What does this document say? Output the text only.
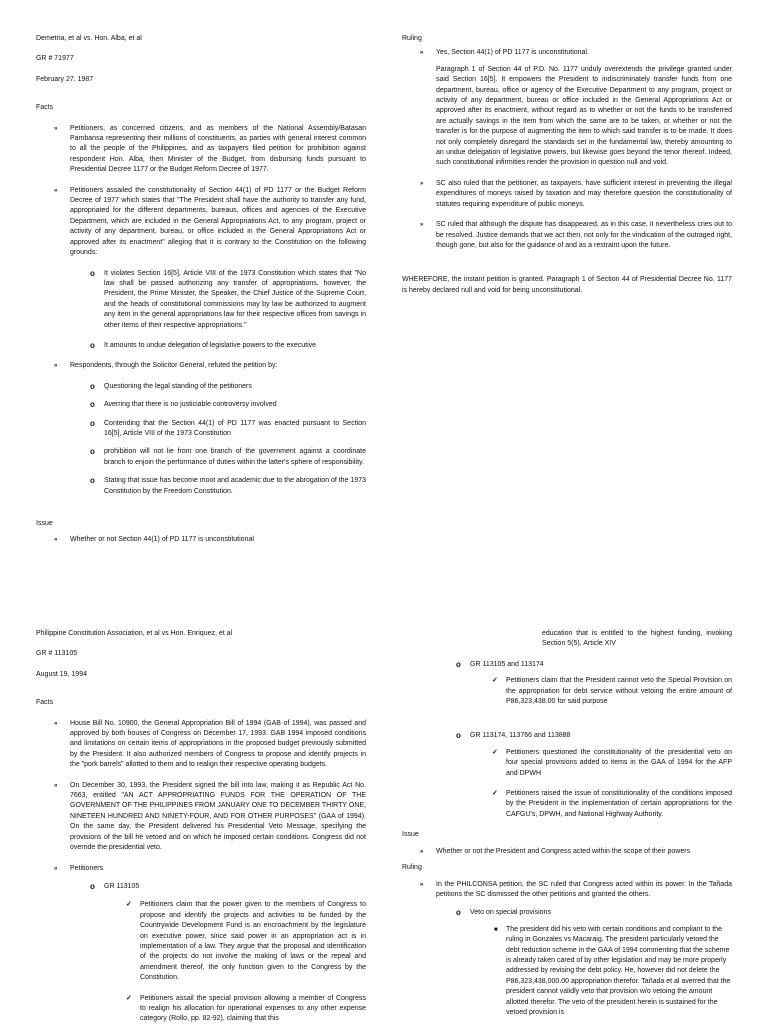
Demetria, et al vs. Hon. Alba, et al

GR # 71977

February 27. 1987

Facts

» Petitioners, as concerned citizens, and as members of the National Assembly/Batasan Pambansa representing their millions of constituents, as parties with general interest common to all the people of the Philippines, and as taxpayers filed petition for prohibition against respondent Hon. Alba, then Minister of the Budget, from disbursing funds pursuant to Presidential Decree 1177 or the Budget Reform Decree of 1977.
» Petitioners assailed the constitutionality of Section 44(1) of PD 1177 or the Budget Reform Decree of 1977 which states that "The President shall have the authority to transfer any fund, appropriated for the different departments, bureaus, offices and agencies of the Executive Department, which are included in the General Appropriations Act, to any program, project or activity of any department, bureau, or office included in the General Appropriations Act or approved after its enactment" alleging that it is contrary to the Constitution on the following grounds:
o It violates Section 16[5], Article VIII of the 1973 Constitution which states that "No law shall be passed authorizing any transfer of appropriations, however, the President, the Prime Minister, the Speaker, the Chief Justice of the Supreme Court, and the heads of constitutional commissions may by law be authorized to augment any item in the general appropriations law for their respective offices from savings in other items of their respective appropriations."
o It amounts to undue delegation of legislative powers to the executive
» Respondents, through the Solicitor General, refuted the petition by:
o Questioning the legal standing of the petitioners
o Averring that there is no justiciable controversy involved
o Contending that the Section 44(1) of PD 1177 was enacted pursuant to Section 16[5], Article VIII of the 1973 Constitution
o prohibition will not lie from one branch of the government against a coordinate branch to enjoin the performance of duties within the latter's sphere of responsibility.
o Stating that issue has become moot and academic due to the abrogation of the 1973 Constitution by the Freedom Constitution.

Issue

» Whether or not Section 44(1) of PD 1177 is unconstitutional

Ruling

» Yes, Section 44(1) of PD 1177 is unconstitutional.

Paragraph 1 of Section 44 of P.D. No. 1177 unduly overextends the privilege granted under said Section 16[5]. It empowers the President to indiscriminately transfer funds from one department, bureau, office or agency of the Executive Department to any program, project or activity of any department, bureau or office included in the General Appropriations Act or approved after its enactment, without regard as to whether or not the funds to be transferred are actually savings in the item from which the same are to be taken, or whether or not the transfer is for the purpose of augmenting the item to which said transfer is to be made. It does not only completely disregard the standards set in the fundamental law, thereby amounting to an undue delegation of legislative powers, but likewise goes beyond the tenor thereof. Indeed, such constitutional infirmities render the provision in question null and void.

» SC also ruled that the petitioner, as taxpayers, have sufficient interest in preventing the illegal expenditures of moneys raised by taxation and may therefore question the constitutionality of statutes requiring expenditure of public moneys.
» SC ruled that although the dispute has disappeared, as in this case, it nevertheless cries out to be resolved. Justice demands that we act then, not only for the vindication of the outraged right, though gone, but also for the guidance of and as a restraint upon the future.

WHEREFORE, the instant petition is granted. Paragraph 1 of Section 44 of Presidential Decree No. 1177 is hereby declared null and void for being unconstitutional.

Philippine Constitution Association, et al vs Hon. Enriquez, et al

GR # 113105

August 19, 1994

Facts

» House Bill No. 10900, the General Appropriation Bill of 1994 (GAB of 1994), was passed and approved by both houses of Congress on December 17, 1993. GAB 1994 imposed conditions and limitations on certain items of appropriations in the proposed budget previously submitted by the President. It also authorized members of Congress to propose and identify projects in the "pork barrels" allotted to them and to realign their respective operating budgets.
» On December 30, 1993, the President signed the bill into law, making it as Republic Act No. 7663, entitled "AN ACT APPROPRIATING FUNDS FOR THE OPERATION OF THE GOVERNMENT OF THE PHILIPPINES FROM JANUARY ONE TO DECEMBER THIRTY ONE, NINETEEN HUNDRED AND NINETY-FOUR, AND FOR OTHER PURPOSES" (GAA of 1994). On the same day, the President delivered his Presidential Veto Message, specifying the provisions of the bill he vetoed and on which he imposed certain conditions. Congress did not override the presidential veto.
» Petitioners
o GR 113105
✓ Petitioners claim that the power given to the members of Congress to propose and identify the projects and activities to be funded by the Countrywide Development Fund is an encroachment by the legislature on executive power, since said power in an appropriation act is in implementation of a law. They argue that the proposal and identification of the projects do not involve the making of laws or the repeal and amendment thereof, the only function given to the Congress by the Constitution.
✓ Petitioners assail the special provision allowing a member of Congress to realign his allocation for operational expenses to any other expense category (Rollo, pp. 82-92), claiming that this

education that is entitled to the highest funding, invoking Section 5(5), Article XIV

o GR 113105 and 113174
✓ Petitioners claim that the President cannot veto the Special Provision on the appropriation for debt service without vetoing the entire amount of P86,323,438.00 for said purpose
o GR 113174, 113766 and 113888
✓ Petitioners questioned the constitutionality of the presidential veto on four special provisions added to items in the GAA of 1994 for the AFP and DPWH
✓ Petitioners raised the issue of constitutionality of the conditions imposed by the President in the implementation of certain appropriations for the CAFGU's, DPWH, and National Highway Authority.

Issue

» Whether or not the President and Congress acted within the scope of their powers

Ruling

» In the PHILCONSA petition, the SC ruled that Congress acted within its power. In the Tañada petitions the SC dismissed the other petitions and granted the others.
o Veto on special provisions
■ The president did his veto with certain conditions and compliant to the ruling in Gonzales vs Macaraig. The president particularly vetoed the debt reduction scheme in the GAA of 1994 commenting that the scheme is already taken cared of by other legislation and may be more properly addressed by revising the debt policy. He, however did not delete the P86,323,438,000.00 appropriation therefor. Tañada et al averred that the president cannot validly veto that provision w/o vetoing the amount allotted therefor. The veto of the president herein is sustained for the vetoed provision is
